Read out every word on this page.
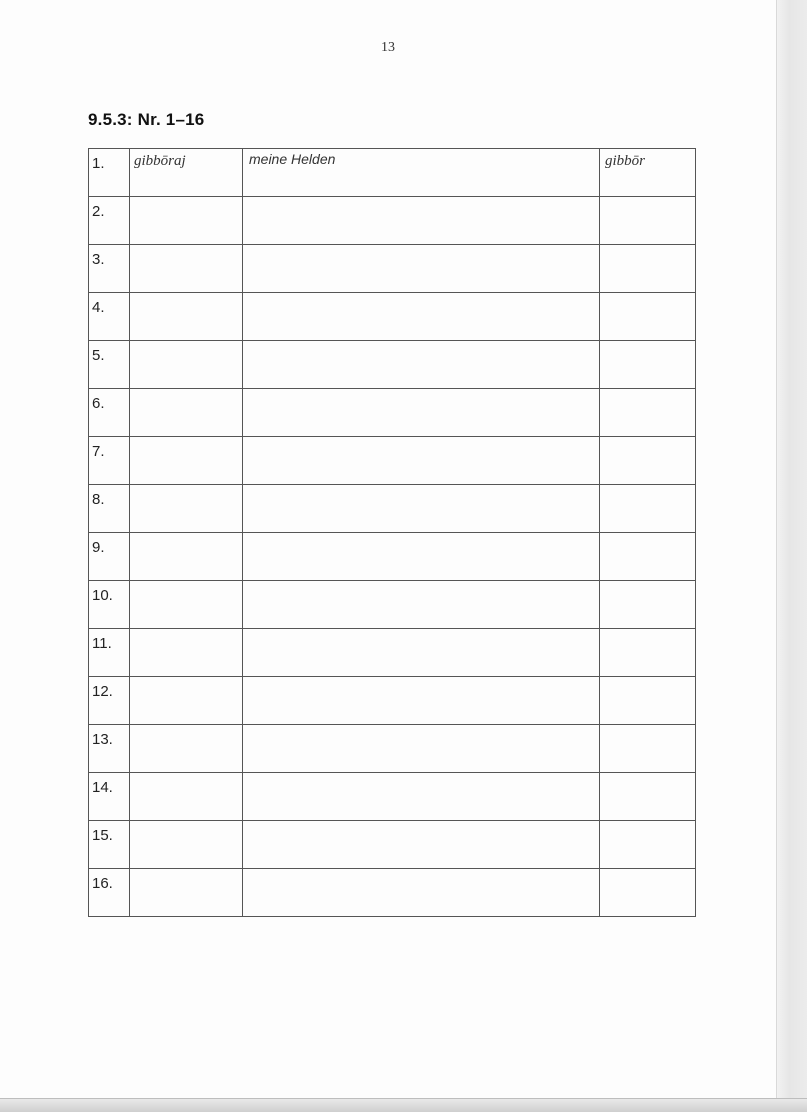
13
9.5.3: Nr. 1–16
1.	gibbōraj	meine Helden	gibbōr
2.			
3.			
4.			
5.			
6.			
7.			
8.			
9.			
10.			
11.			
12.			
13.			
14.			
15.			
16.			
